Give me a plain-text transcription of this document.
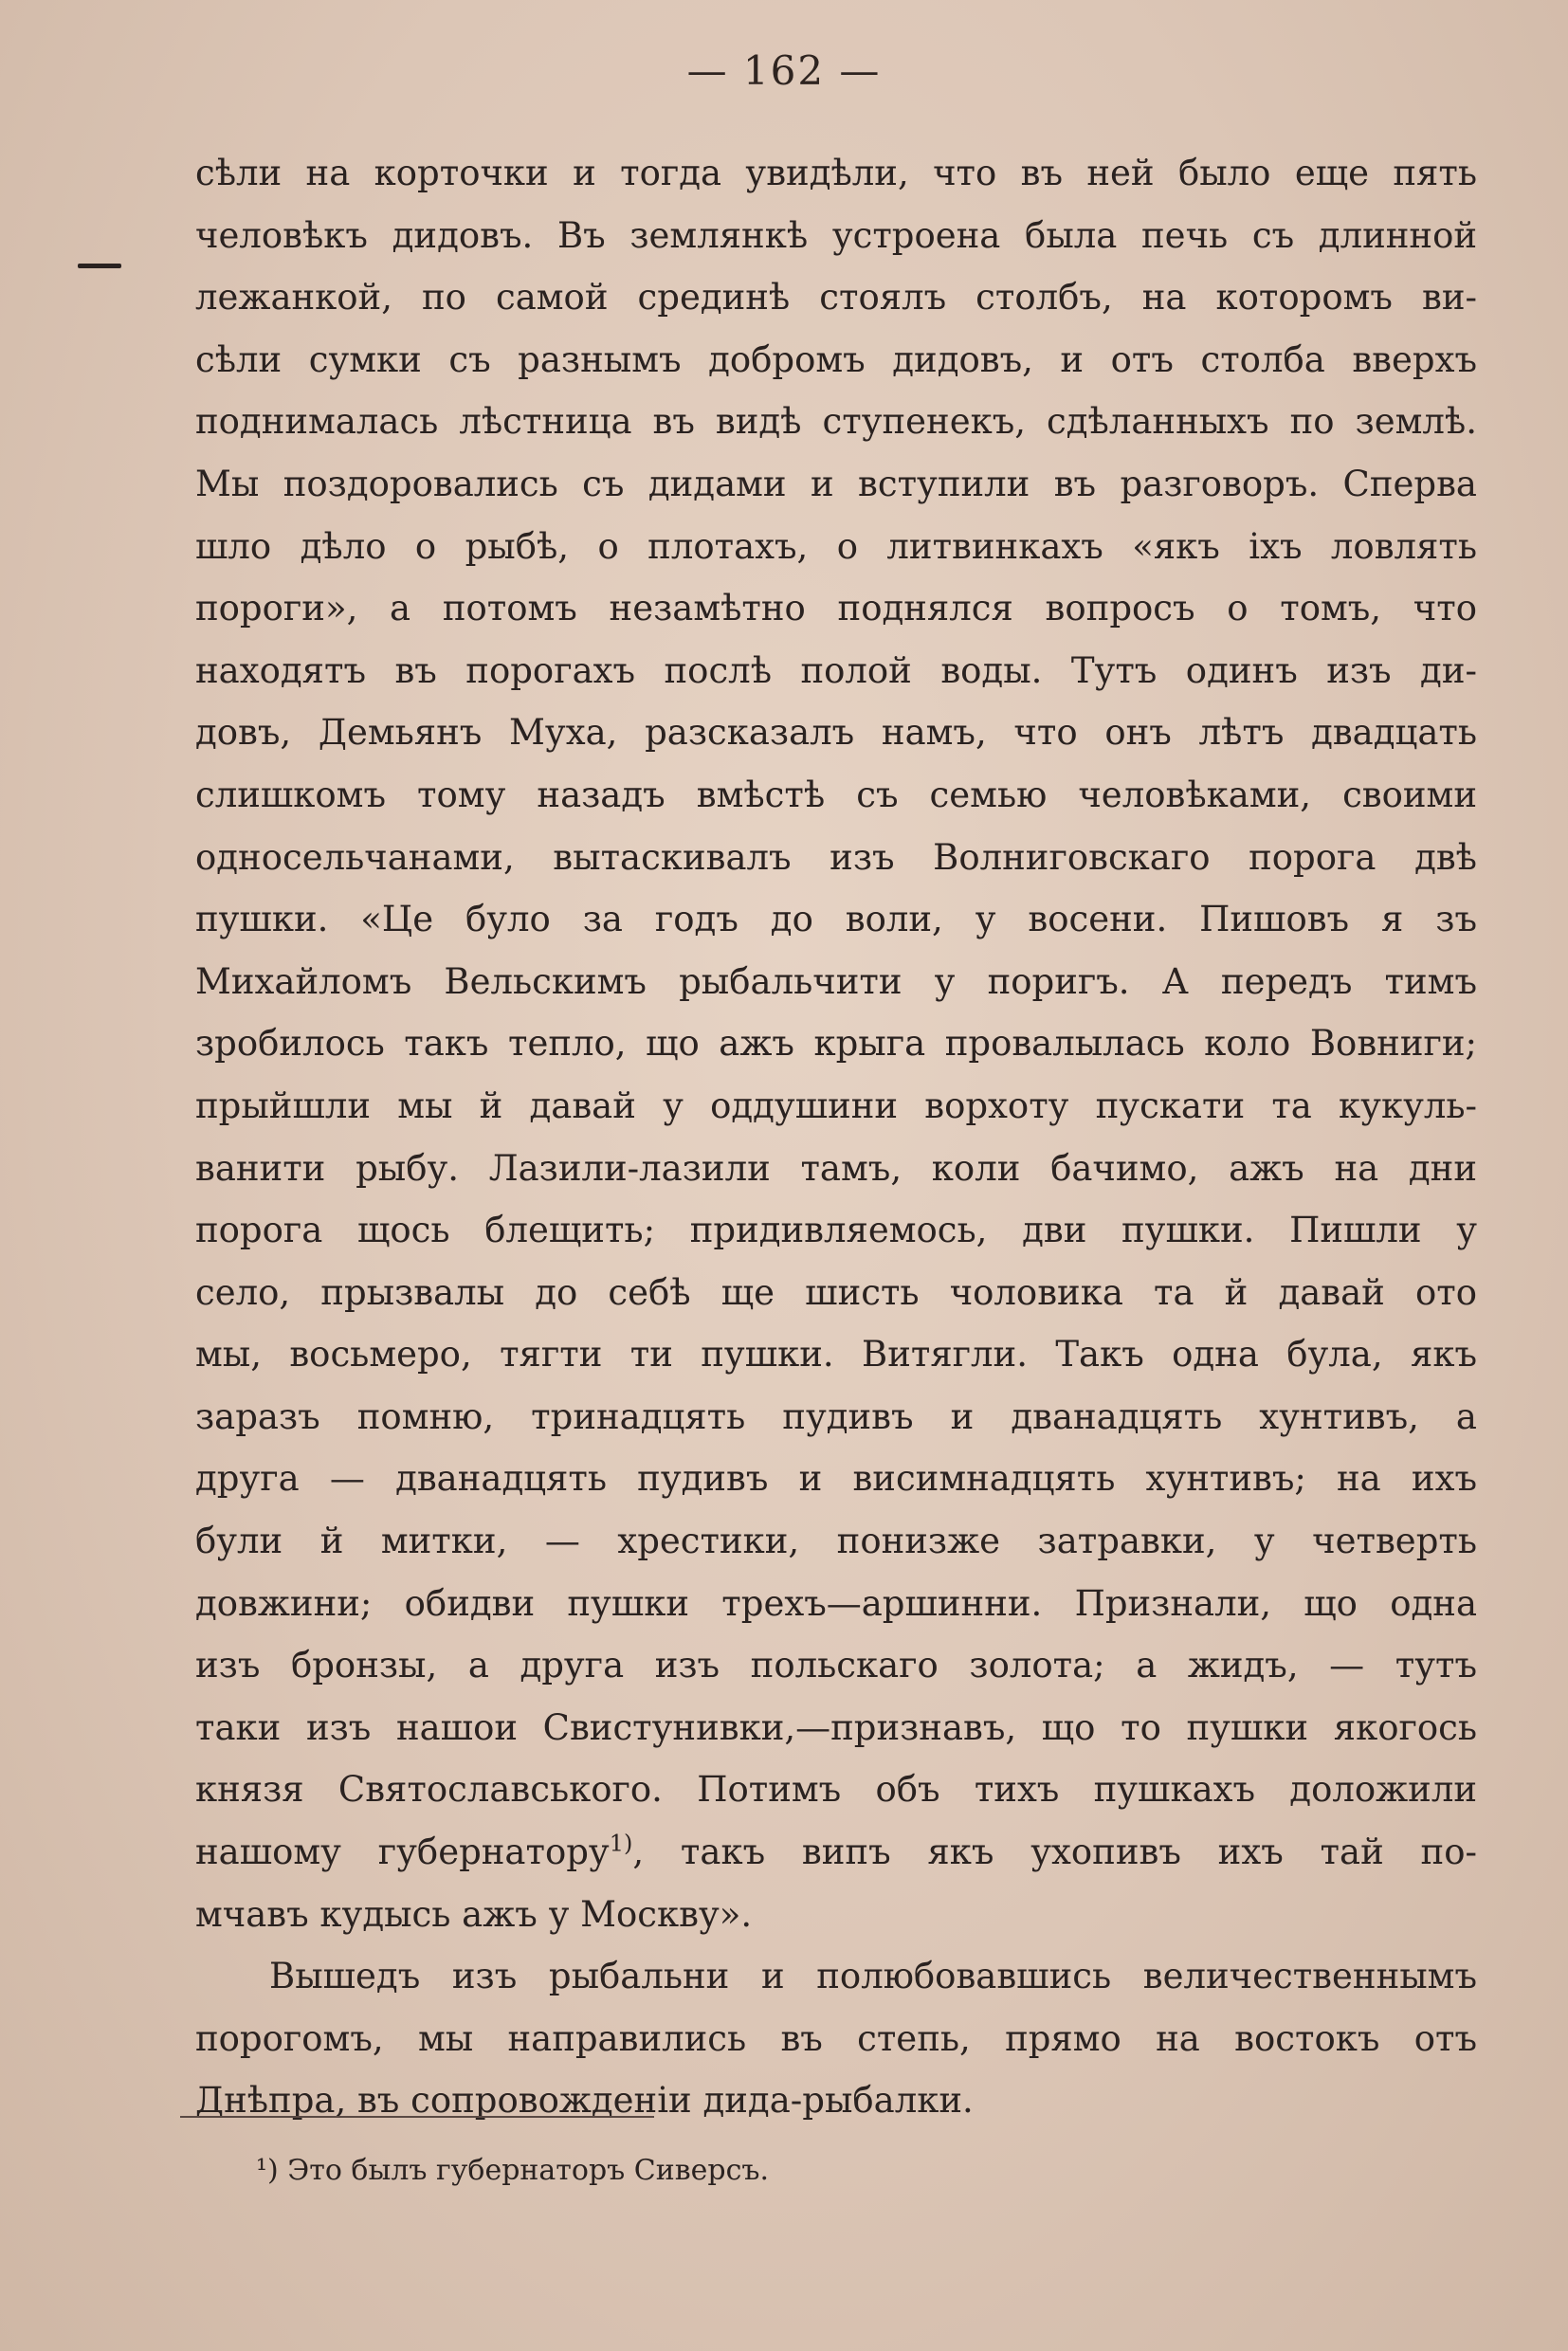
— 162 —
сѣли на корточки и тогда увидѣли, что въ ней было еще пять
человѣкъ дидовъ. Въ землянкѣ устроена была печь съ длинной
лежанкой, по самой срединѣ стоялъ столбъ, на которомъ ви-
сѣли сумки съ разнымъ добромъ дидовъ, и отъ столба вверхъ
поднималась лѣстница въ видѣ ступенекъ, сдѣланныхъ по землѣ.
Мы поздоровались съ дидами и вступили въ разговоръ. Сперва
шло дѣло о рыбѣ, о плотахъ, о литвинкахъ «якъ іхъ ловлять
пороги», а потомъ незамѣтно поднялся вопросъ о томъ, что
находятъ въ порогахъ послѣ полой воды. Тутъ одинъ изъ ди-
довъ, Демьянъ Муха, разсказалъ намъ, что онъ лѣтъ двадцать
слишкомъ тому назадъ вмѣстѣ съ семью человѣками, своими
односельчанами, вытаскивалъ изъ Волниговскаго порога двѣ
пушки. «Це було за годъ до воли, у восени. Пишовъ я зъ
Михайломъ Вельскимъ рыбальчити у поригъ. А передъ тимъ
зробилось такъ тепло, що ажъ крыга провалылась коло Вовниги;
прыйшли мы й давай у оддушини ворхоту пускати та кукуль-
ванити рыбу. Лазили-лазили тамъ, коли бачимо, ажъ на дни
порога щось блещить; придивляемось, дви пушки. Пишли у
село, прызвалы до себѣ ще шисть чоловика та й давай ото
мы, восьмеро, тягти ти пушки. Витягли. Такъ одна була, якъ
заразъ помню, тринадцять пудивъ и дванадцять хунтивъ, а
друга — дванадцять пудивъ и висимнадцять хунтивъ; на ихъ
були й митки, — хрестики, понизже затравки, у четверть
довжини; обидви пушки трехъ—аршинни. Признали, що одна
изъ бронзы, а друга изъ польскаго золота; а жидъ, — тутъ
таки изъ нашои Свистунивки,—признавъ, що то пушки якогось
князя Святославського. Потимъ объ тихъ пушкахъ доложили
нашому губернатору$^{1)}$, такъ випъ якъ ухопивъ ихъ тай по-
мчавъ кудысь ажъ у Москву».
Вышедъ изъ рыбальни и полюбовавшись величественнымъ
порогомъ, мы направились въ степь, прямо на востокъ отъ
Днѣпра, въ сопровожденіи дида-рыбалки.
¹) Это былъ губернаторъ Сиверсъ.
